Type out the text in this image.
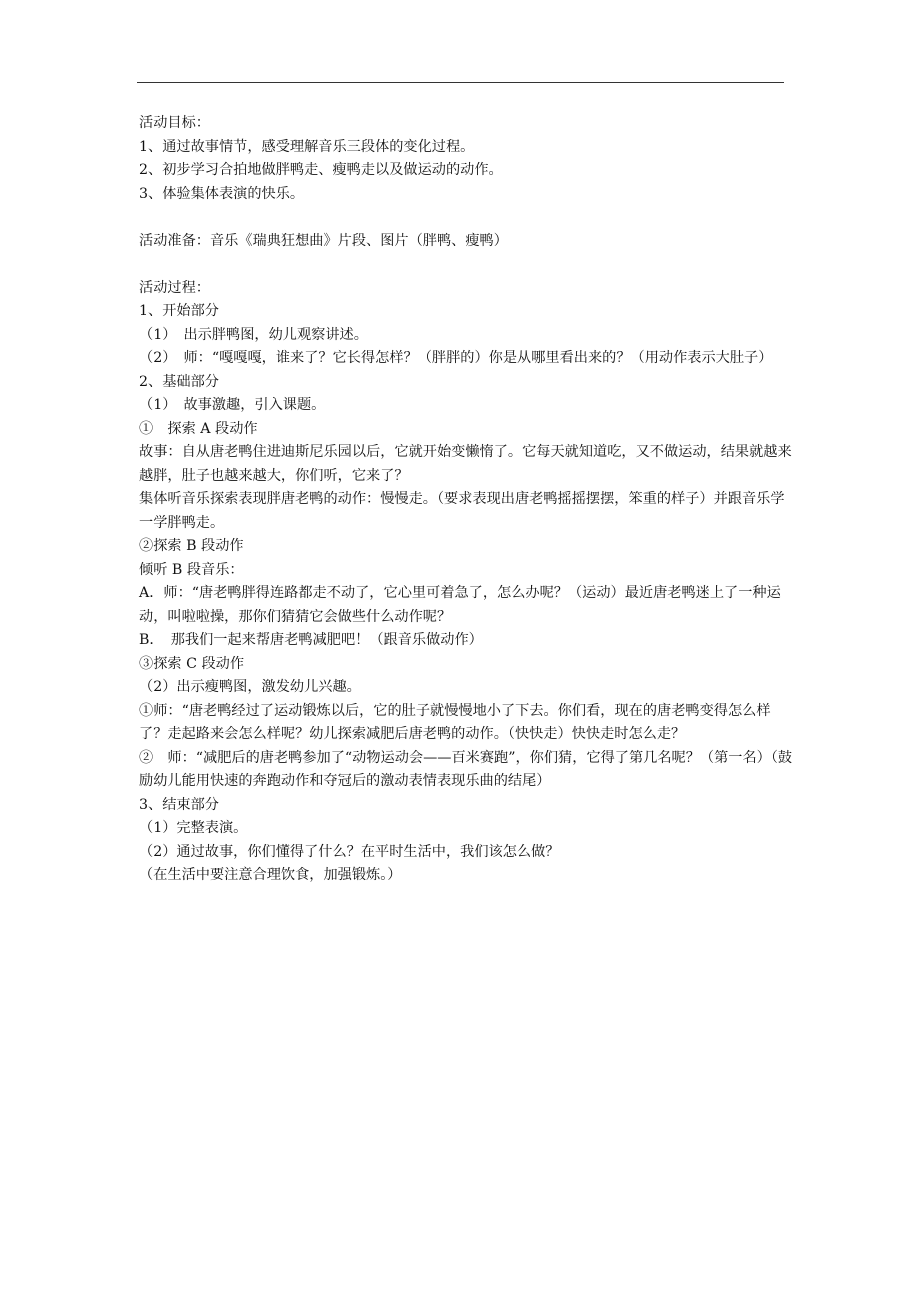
活动目标：

1、通过故事情节，感受理解音乐三段体的变化过程。

2、初步学习合拍地做胖鸭走、瘦鸭走以及做运动的动作。

3、体验集体表演的快乐。

活动准备：音乐《瑞典狂想曲》片段、图片（胖鸭、瘦鸭）

活动过程：

1、开始部分

（1）　出示胖鸭图，幼儿观察讲述。

（2）　师：“嘎嘎嘎，谁来了？它长得怎样？（胖胖的）你是从哪里看出来的？（用动作表示大肚子）

2、基础部分

（1）　故事激趣，引入课题。

①　探索 A 段动作

故事：自从唐老鸭住进迪斯尼乐园以后，它就开始变懒惰了。它每天就知道吃，又不做运动，结果就越来越胖，肚子也越来越大，你们听，它来了？

集体听音乐探索表现胖唐老鸭的动作：慢慢走。（要求表现出唐老鸭摇摇摆摆，笨重的样子）并跟音乐学一学胖鸭走。

②探索 B 段动作

倾听 B 段音乐：

A．师：“唐老鸭胖得连路都走不动了，它心里可着急了，怎么办呢？（运动）最近唐老鸭迷上了一种运动，叫啦啦操，那你们猜猜它会做些什么动作呢？

B．　那我们一起来帮唐老鸭减肥吧！（跟音乐做动作）

③探索 C 段动作

（2）出示瘦鸭图，激发幼儿兴趣。

①师：“唐老鸭经过了运动锻炼以后，它的肚子就慢慢地小了下去。你们看，现在的唐老鸭变得怎么样了？走起路来会怎么样呢？幼儿探索减肥后唐老鸭的动作。（快快走）快快走时怎么走？

②　师：“减肥后的唐老鸭参加了“动物运动会——百米赛跑”，你们猜，它得了第几名呢？（第一名）（鼓励幼儿能用快速的奔跑动作和夺冠后的激动表情表现乐曲的结尾）

3、结束部分

（1）完整表演。

（2）通过故事，你们懂得了什么？在平时生活中，我们该怎么做？

（在生活中要注意合理饮食，加强锻炼。）
